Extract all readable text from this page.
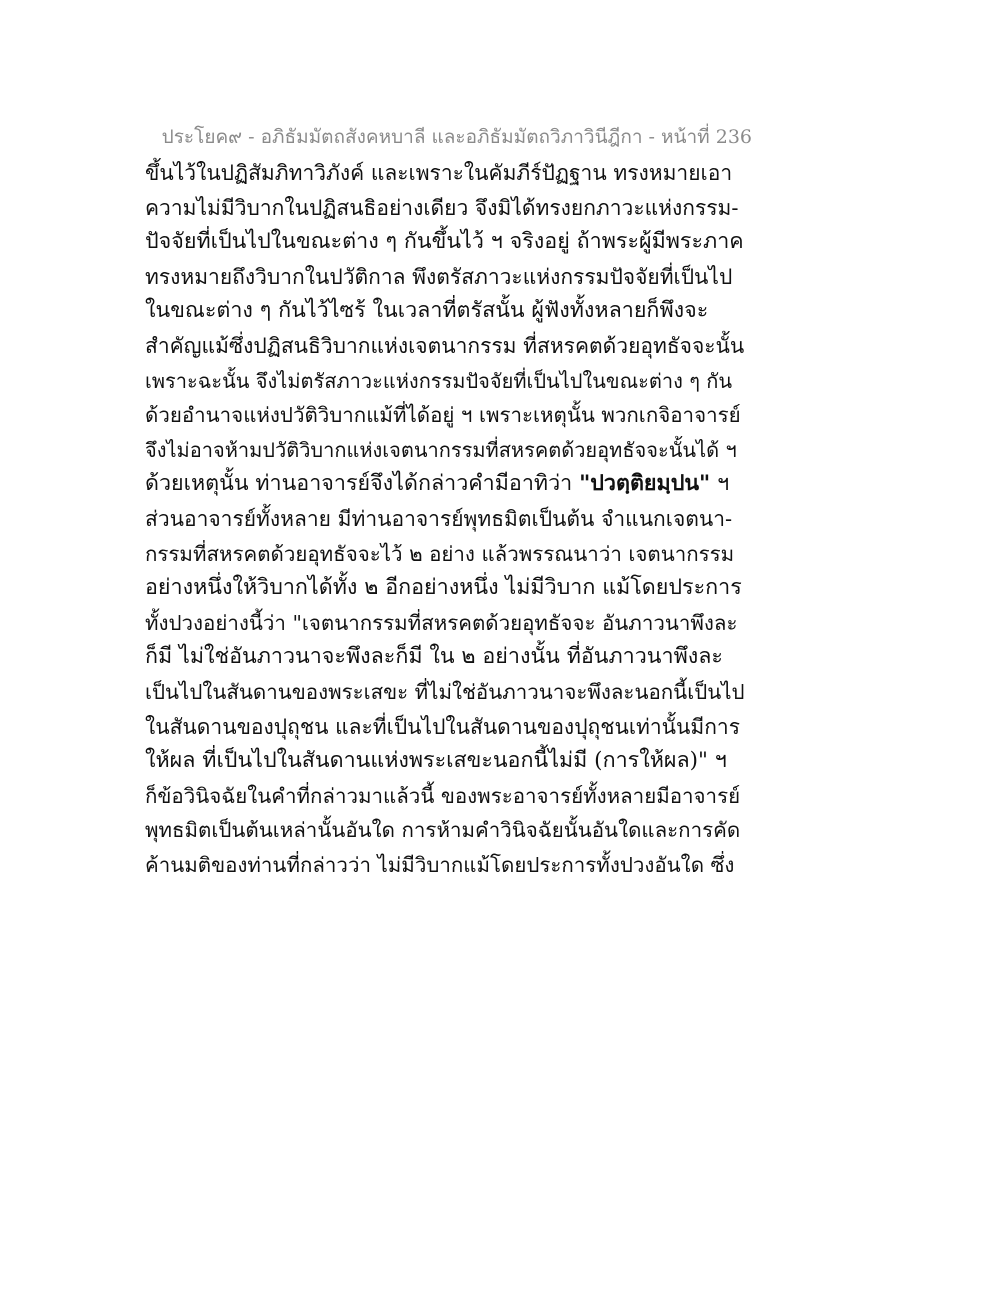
ประโยค๙ - อภิธัมมัตถสังคหบาลี และอภิธัมมัตถวิภาวินีฎีกา - หน้าที่ 236
ขึ้นไว้ในปฏิสัมภิทาวิภังค์ และเพราะในคัมภีร์ปัฏฐาน ทรงหมายเอา
ความไม่มีวิบากในปฏิสนธิอย่างเดียว จึงมิได้ทรงยกภาวะแห่งกรรม-
ปัจจัยที่เป็นไปในขณะต่าง ๆ กันขึ้นไว้ ฯ จริงอยู่ ถ้าพระผู้มีพระภาค
ทรงหมายถึงวิบากในปวัติกาล พึงตรัสภาวะแห่งกรรมปัจจัยที่เป็นไป
ในขณะต่าง ๆ กันไว้ไซร้ ในเวลาที่ตรัสนั้น ผู้ฟังทั้งหลายก็พึงจะ
สำคัญแม้ซึ่งปฏิสนธิวิบากแห่งเจตนากรรม ที่สหรคตด้วยอุทธัจจะนั้น
เพราะฉะนั้น จึงไม่ตรัสภาวะแห่งกรรมปัจจัยที่เป็นไปในขณะต่าง ๆ กัน
ด้วยอำนาจแห่งปวัติวิบากแม้ที่ได้อยู่ ฯ เพราะเหตุนั้น พวกเกจิอาจารย์
จึงไม่อาจห้ามปวัติวิบากแห่งเจตนากรรมที่สหรคตด้วยอุทธัจจะนั้นได้ ฯ
ด้วยเหตุนั้น ท่านอาจารย์จึงได้กล่าวคำมีอาทิว่า "ปวตฺติยมฺปน" ฯ
ส่วนอาจารย์ทั้งหลาย มีท่านอาจารย์พุทธมิตเป็นต้น จำแนกเจตนา-
กรรมที่สหรคตด้วยอุทธัจจะไว้ ๒ อย่าง แล้วพรรณนาว่า เจตนากรรม
อย่างหนึ่งให้วิบากได้ทั้ง ๒ อีกอย่างหนึ่ง ไม่มีวิบาก แม้โดยประการ
ทั้งปวงอย่างนี้ว่า "เจตนากรรมที่สหรคตด้วยอุทธัจจะ อันภาวนาพึงละ
ก็มี ไม่ใช่อันภาวนาจะพึงละก็มี ใน ๒ อย่างนั้น ที่อันภาวนาพึงละ
เป็นไปในสันดานของพระเสขะ ที่ไม่ใช่อันภาวนาจะพึงละนอกนี้เป็นไป
ในสันดานของปุถุชน และที่เป็นไปในสันดานของปุถุชนเท่านั้นมีการ
ให้ผล ที่เป็นไปในสันดานแห่งพระเสขะนอกนี้ไม่มี (การให้ผล)" ฯ
ก็ข้อวินิจฉัยในคำที่กล่าวมาแล้วนี้ ของพระอาจารย์ทั้งหลายมีอาจารย์
พุทธมิตเป็นต้นเหล่านั้นอันใด การห้ามคำวินิจฉัยนั้นอันใดและการคัด
ค้านมติของท่านที่กล่าวว่า ไม่มีวิบากแม้โดยประการทั้งปวงอันใด ซึ่ง
